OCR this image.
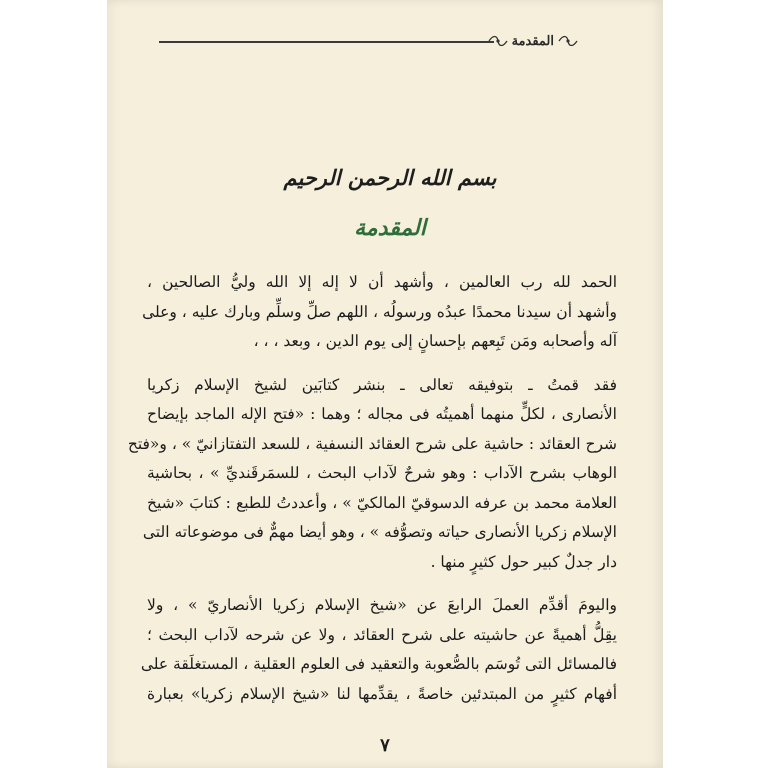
المقدمة
بسم الله الرحمن الرحيم
المقدمة

الحمد لله رب العالمين ، وأشهد أن لا إله إلا الله وليُّ الصالحين ،
وأشهد أن سيدنا محمدًا عبدُه ورسولُه ، اللهم صلِّ وسلِّم وبارك عليه ، وعلى
آله وأصحابه ومَن تَبِعهم بإحسانٍ إلى يوم الدين ، وبعد ، ، ،

فقد قمتُ ـ بتوفيقه تعالى ـ بنشر كتابَين لشيخ الإسلام زكريا
الأنصارى ، لكلٍّ منهما أهميتُه فى مجاله ؛ وهما : «فتح الإله الماجد بإيضاح
شرح العقائد : حاشية على شرح العقائد النسفية ، للسعد التفتازانيّ » ، و«فتح
الوهاب بشرح الآداب : وهو شرحٌ لآداب البحث ، للسمَرقَنديِّ » ، بحاشية
العلامة محمد بن عرفه الدسوقيّ المالكيّ » ، وأعددتُ للطبع : كتابَ «شيخ
الإسلام زكريا الأنصارى حياته وتصوُّفه » ، وهو أيضا مهمٌّ فى موضوعاته التى
دار جدلٌ كبير حول كثيرٍ منها .

واليومَ أقدِّم العملَ الرابعَ عن «شيخ الإسلام زكريا الأنصاريّ » ، ولا
يقِلُّ أهميةً عن حاشيته على شرح العقائد ، ولا عن شرحه لآداب البحث ؛
فالمسائل التى تُوسَم بالصُّعوبة والتعقيد فى العلوم العقلية ، المستغلَقة على
أفهام كثيرٍ من المبتدئين خاصةً ، يقدِّمها لنا «شيخ الإسلام زكريا» بعبارة

٧
